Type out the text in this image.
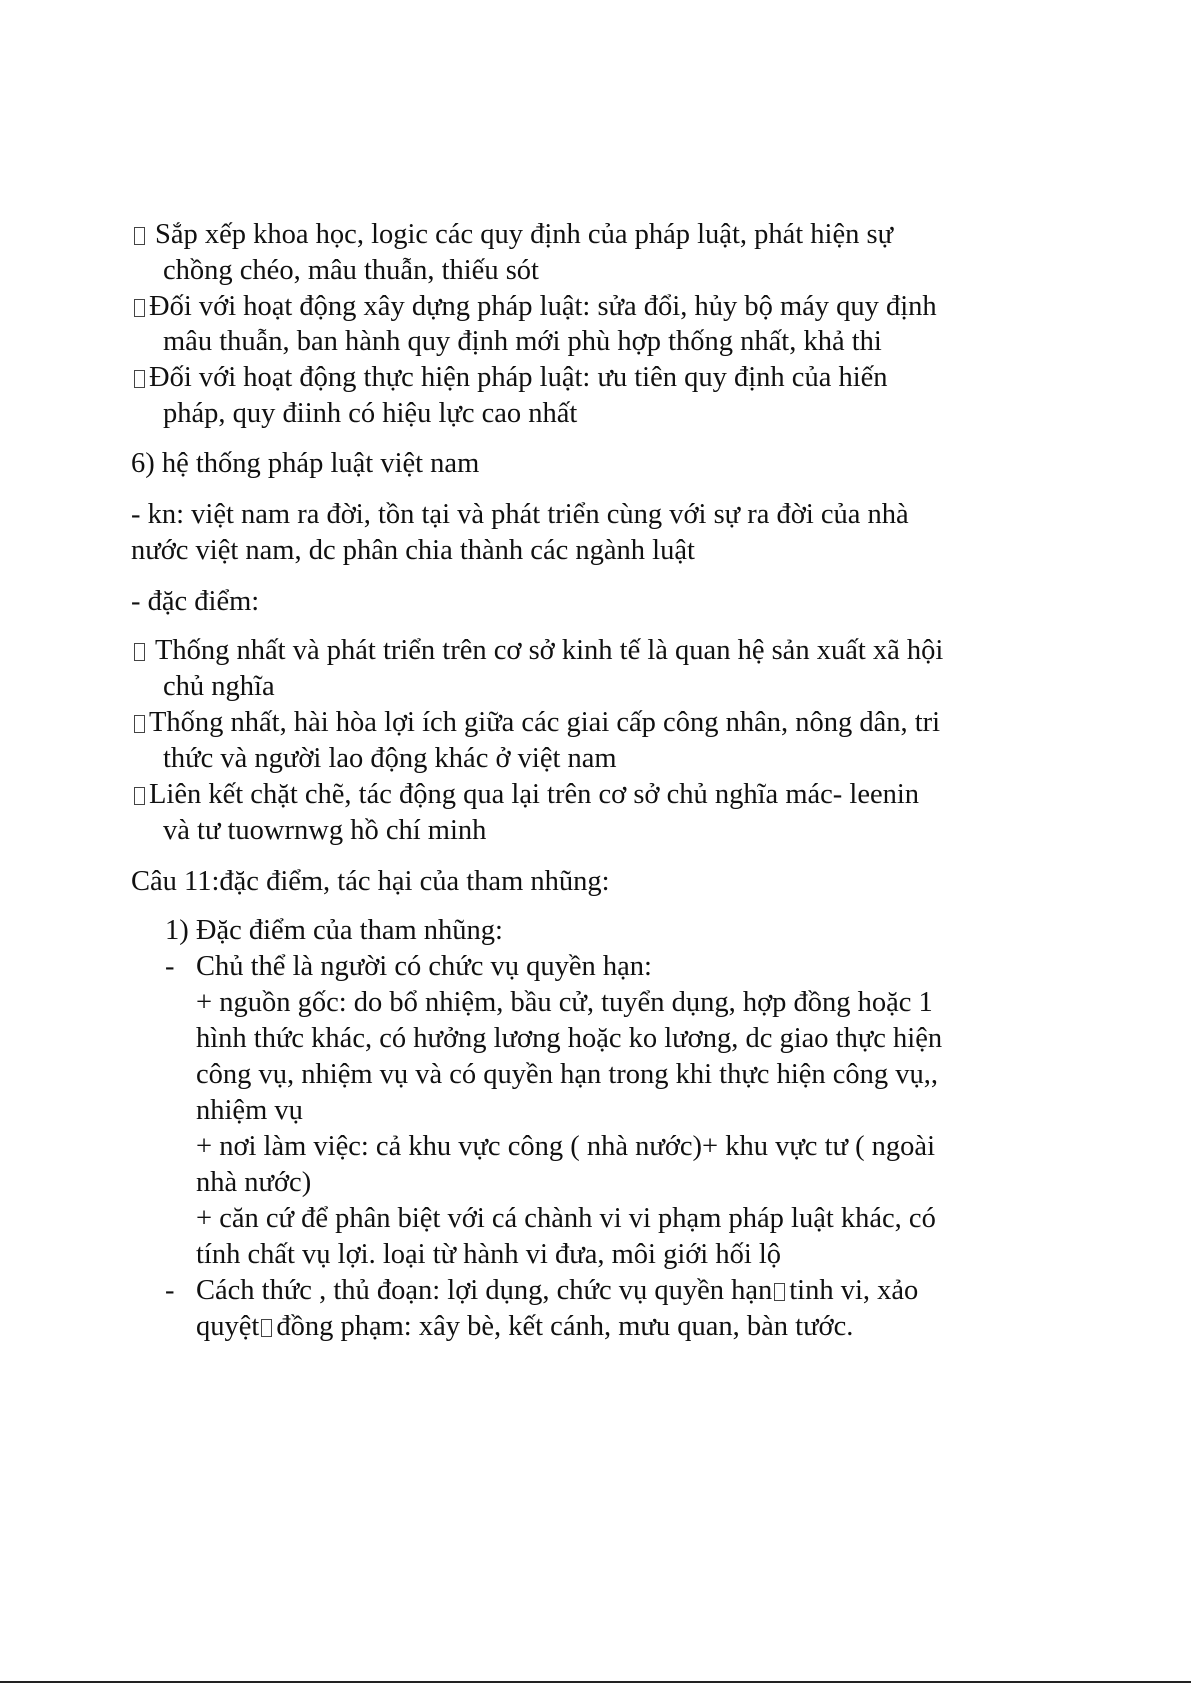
Sắp xếp khoa học, logic các quy định của pháp luật, phát hiện sự
chồng chéo, mâu thuẫn, thiếu sót
Đối với hoạt động xây dựng pháp luật: sửa đổi, hủy bộ máy quy định
mâu thuẫn, ban hành quy định mới phù hợp thống nhất, khả thi
Đối với hoạt động thực hiện pháp luật: ưu tiên quy định của hiến
pháp, quy điinh có hiệu lực cao nhất
6) hệ thống pháp luật việt nam
- kn: việt nam ra đời, tồn tại và phát triển cùng với sự ra đời của nhà
nước việt nam, dc phân chia thành các ngành luật
- đặc điểm:
Thống nhất và phát triển trên cơ sở kinh tế là quan hệ sản xuất xã hội
chủ nghĩa
Thống nhất, hài hòa lợi ích giữa các giai cấp công nhân, nông dân, tri
thức và người lao động khác ở việt nam
Liên kết chặt chẽ, tác động qua lại trên cơ sở chủ nghĩa mác- leenin
và tư tuowrnwg hồ chí minh
Câu 11:đặc điểm, tác hại của tham nhũng:
1) Đặc điểm của tham nhũng:
- Chủ thể là người có chức vụ quyền hạn:
+ nguồn gốc: do bổ nhiệm, bầu cử, tuyển dụng, hợp đồng hoặc 1
hình thức khác, có hưởng lương hoặc ko lương, dc giao thực hiện
công vụ, nhiệm vụ và có quyền hạn trong khi thực hiện công vụ,,
nhiệm vụ
+ nơi làm việc: cả khu vực công ( nhà nước)+ khu vực tư ( ngoài
nhà nước)
+ căn cứ để phân biệt với cá chành vi vi phạm pháp luật khác, có
tính chất vụ lợi. loại từ hành vi đưa, môi giới hối lộ
- Cách thức , thủ đoạn: lợi dụng, chức vụ quyền hạn tinh vi, xảo
quyệt đồng phạm: xây bè, kết cánh, mưu quan, bàn tước.
